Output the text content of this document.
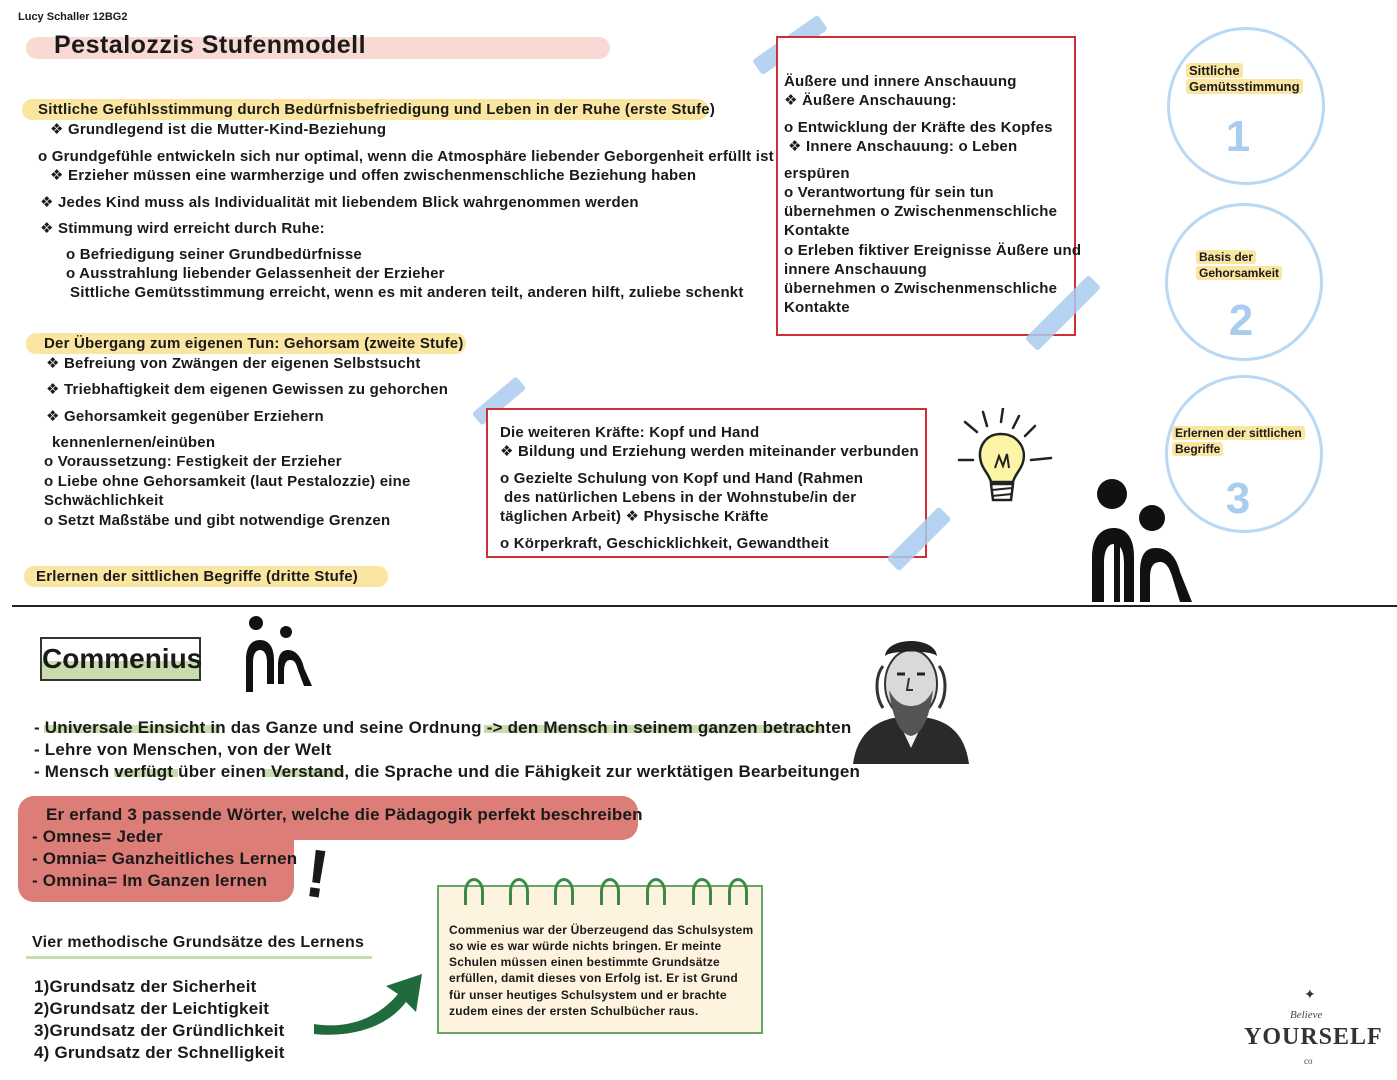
Lucy Schaller 12BG2
Pestalozzis Stufenmodell
Sittliche Gefühlsstimmung durch Bedürfnisbefriedigung und Leben in der Ruhe (erste Stufe)
❖ Grundlegend ist die Mutter-Kind-Beziehung
o Grundgefühle entwickeln sich nur optimal, wenn die Atmosphäre liebender Geborgenheit erfüllt ist
❖ Erzieher müssen eine warmherzige und offen zwischenmenschliche Beziehung haben
❖ Jedes Kind muss als Individualität mit liebendem Blick wahrgenommen werden
❖ Stimmung wird erreicht durch Ruhe:
o Befriedigung seiner Grundbedürfnisse
o Ausstrahlung liebender Gelassenheit der Erzieher
Sittliche Gemütsstimmung erreicht, wenn es mit anderen teilt, anderen hilft, zuliebe schenkt
Der Übergang zum eigenen Tun: Gehorsam (zweite Stufe)
❖ Befreiung von Zwängen der eigenen Selbstsucht
❖ Triebhaftigkeit dem eigenen Gewissen zu gehorchen
❖ Gehorsamkeit gegenüber Erziehern
kennenlernen/einüben
o Voraussetzung: Festigkeit der Erzieher
o Liebe ohne Gehorsamkeit (laut Pestalozzie) eine
Schwächlichkeit
o Setzt Maßstäbe und gibt notwendige Grenzen
Erlernen der sittlichen Begriffe (dritte Stufe)
Äußere und innere Anschauung
❖ Äußere Anschauung:
o Entwicklung der Kräfte des Kopfes
❖ Innere Anschauung: o Leben
erspüren
o Verantwortung für sein tun
übernehmen o Zwischenmenschliche
Kontakte
o Erleben fiktiver Ereignisse Äußere und
innere Anschauung
übernehmen o Zwischenmenschliche
Kontakte
Die weiteren Kräfte: Kopf und Hand
❖ Bildung und Erziehung werden miteinander verbunden
o Gezielte Schulung von Kopf und Hand (Rahmen
des natürlichen Lebens in der Wohnstube/in der
täglichen Arbeit) ❖ Physische Kräfte
o Körperkraft, Geschicklichkeit, Gewandtheit
Sittliche
Gemütsstimmung
1
Basis der
Gehorsamkeit
2
Erlernen der sittlichen
Begriffe
3
Commenius
- Universale Einsicht in das Ganze und seine Ordnung -> den Mensch in seinem ganzen betrachten
- Lehre von Menschen, von der Welt
- Mensch verfügt über einen Verstand, die Sprache und die Fähigkeit zur werktätigen Bearbeitungen
Er erfand 3 passende Wörter, welche die Pädagogik perfekt beschreiben
- Omnes= Jeder
- Omnia= Ganzheitliches Lernen
- Omnina= Im Ganzen lernen !
Vier methodische Grundsätze des Lernens
1)Grundsatz der Sicherheit
2)Grundsatz der Leichtigkeit
3)Grundsatz der Gründlichkeit
4) Grundsatz der Schnelligkeit
Commenius war der Überzeugend das Schulsystem
so wie es war würde nichts bringen. Er meinte
Schulen müssen einen bestimmte Grundsätze
erfüllen, damit dieses von Erfolg ist. Er ist Grund
für unser heutiges Schulsystem und er brachte
zudem eines der ersten Schulbücher raus.
✦
Believe
YOURSELF
co
